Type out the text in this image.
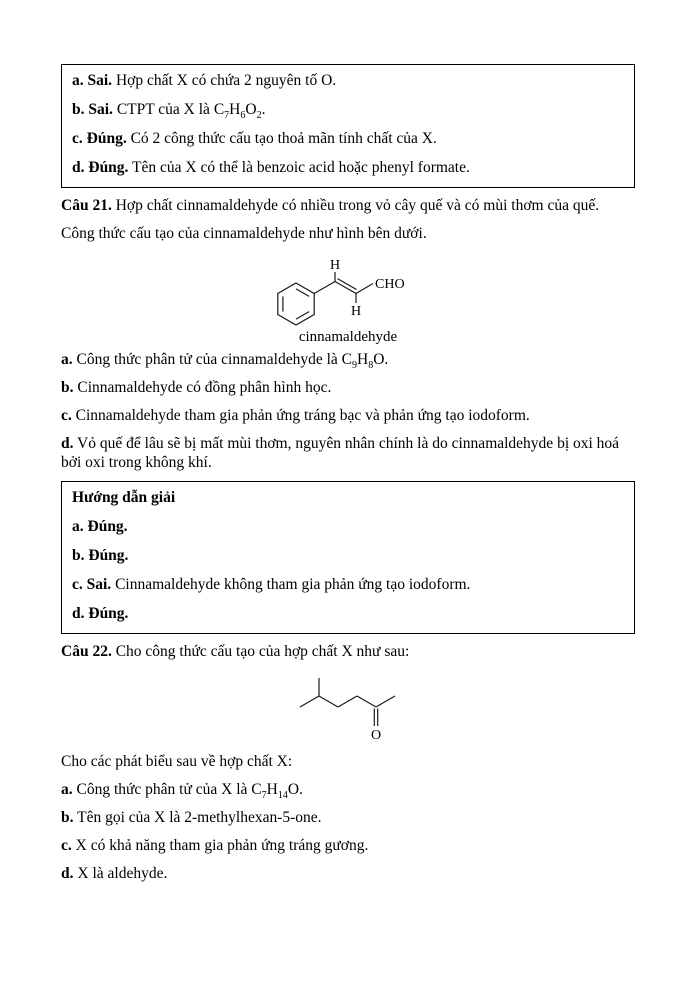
a. Sai. Hợp chất X có chứa 2 nguyên tố O.

b. Sai. CTPT của X là $C_7H_6O_2$.

c. Đúng. Có 2 công thức cấu tạo thoả mãn tính chất của X.

d. Đúng. Tên của X có thể là benzoic acid hoặc phenyl formate.

Câu 21. Hợp chất cinnamaldehyde có nhiều trong vỏ cây quế và có mùi thơm của quế.

Công thức cấu tạo của cinnamaldehyde như hình bên dưới.

H
H
CHO
cinnamaldehyde

a. Công thức phân tử của cinnamaldehyde là $C_9H_8O$.

b. Cinnamaldehyde có đồng phân hình học.

c. Cinnamaldehyde tham gia phản ứng tráng bạc và phản ứng tạo iodoform.

d. Vỏ quế để lâu sẽ bị mất mùi thơm, nguyên nhân chính là do cinnamaldehyde bị oxi hoá bởi oxi trong không khí.

Hướng dẫn giải

a. Đúng.

b. Đúng.

c. Sai. Cinnamaldehyde không tham gia phản ứng tạo iodoform.

d. Đúng.

Câu 22. Cho công thức cấu tạo của hợp chất X như sau:

O

Cho các phát biểu sau về hợp chất X:

a. Công thức phân tử của X là $C_7H_{14}O$.

b. Tên gọi của X là 2-methylhexan-5-one.

c. X có khả năng tham gia phản ứng tráng gương.

d. X là aldehyde.
